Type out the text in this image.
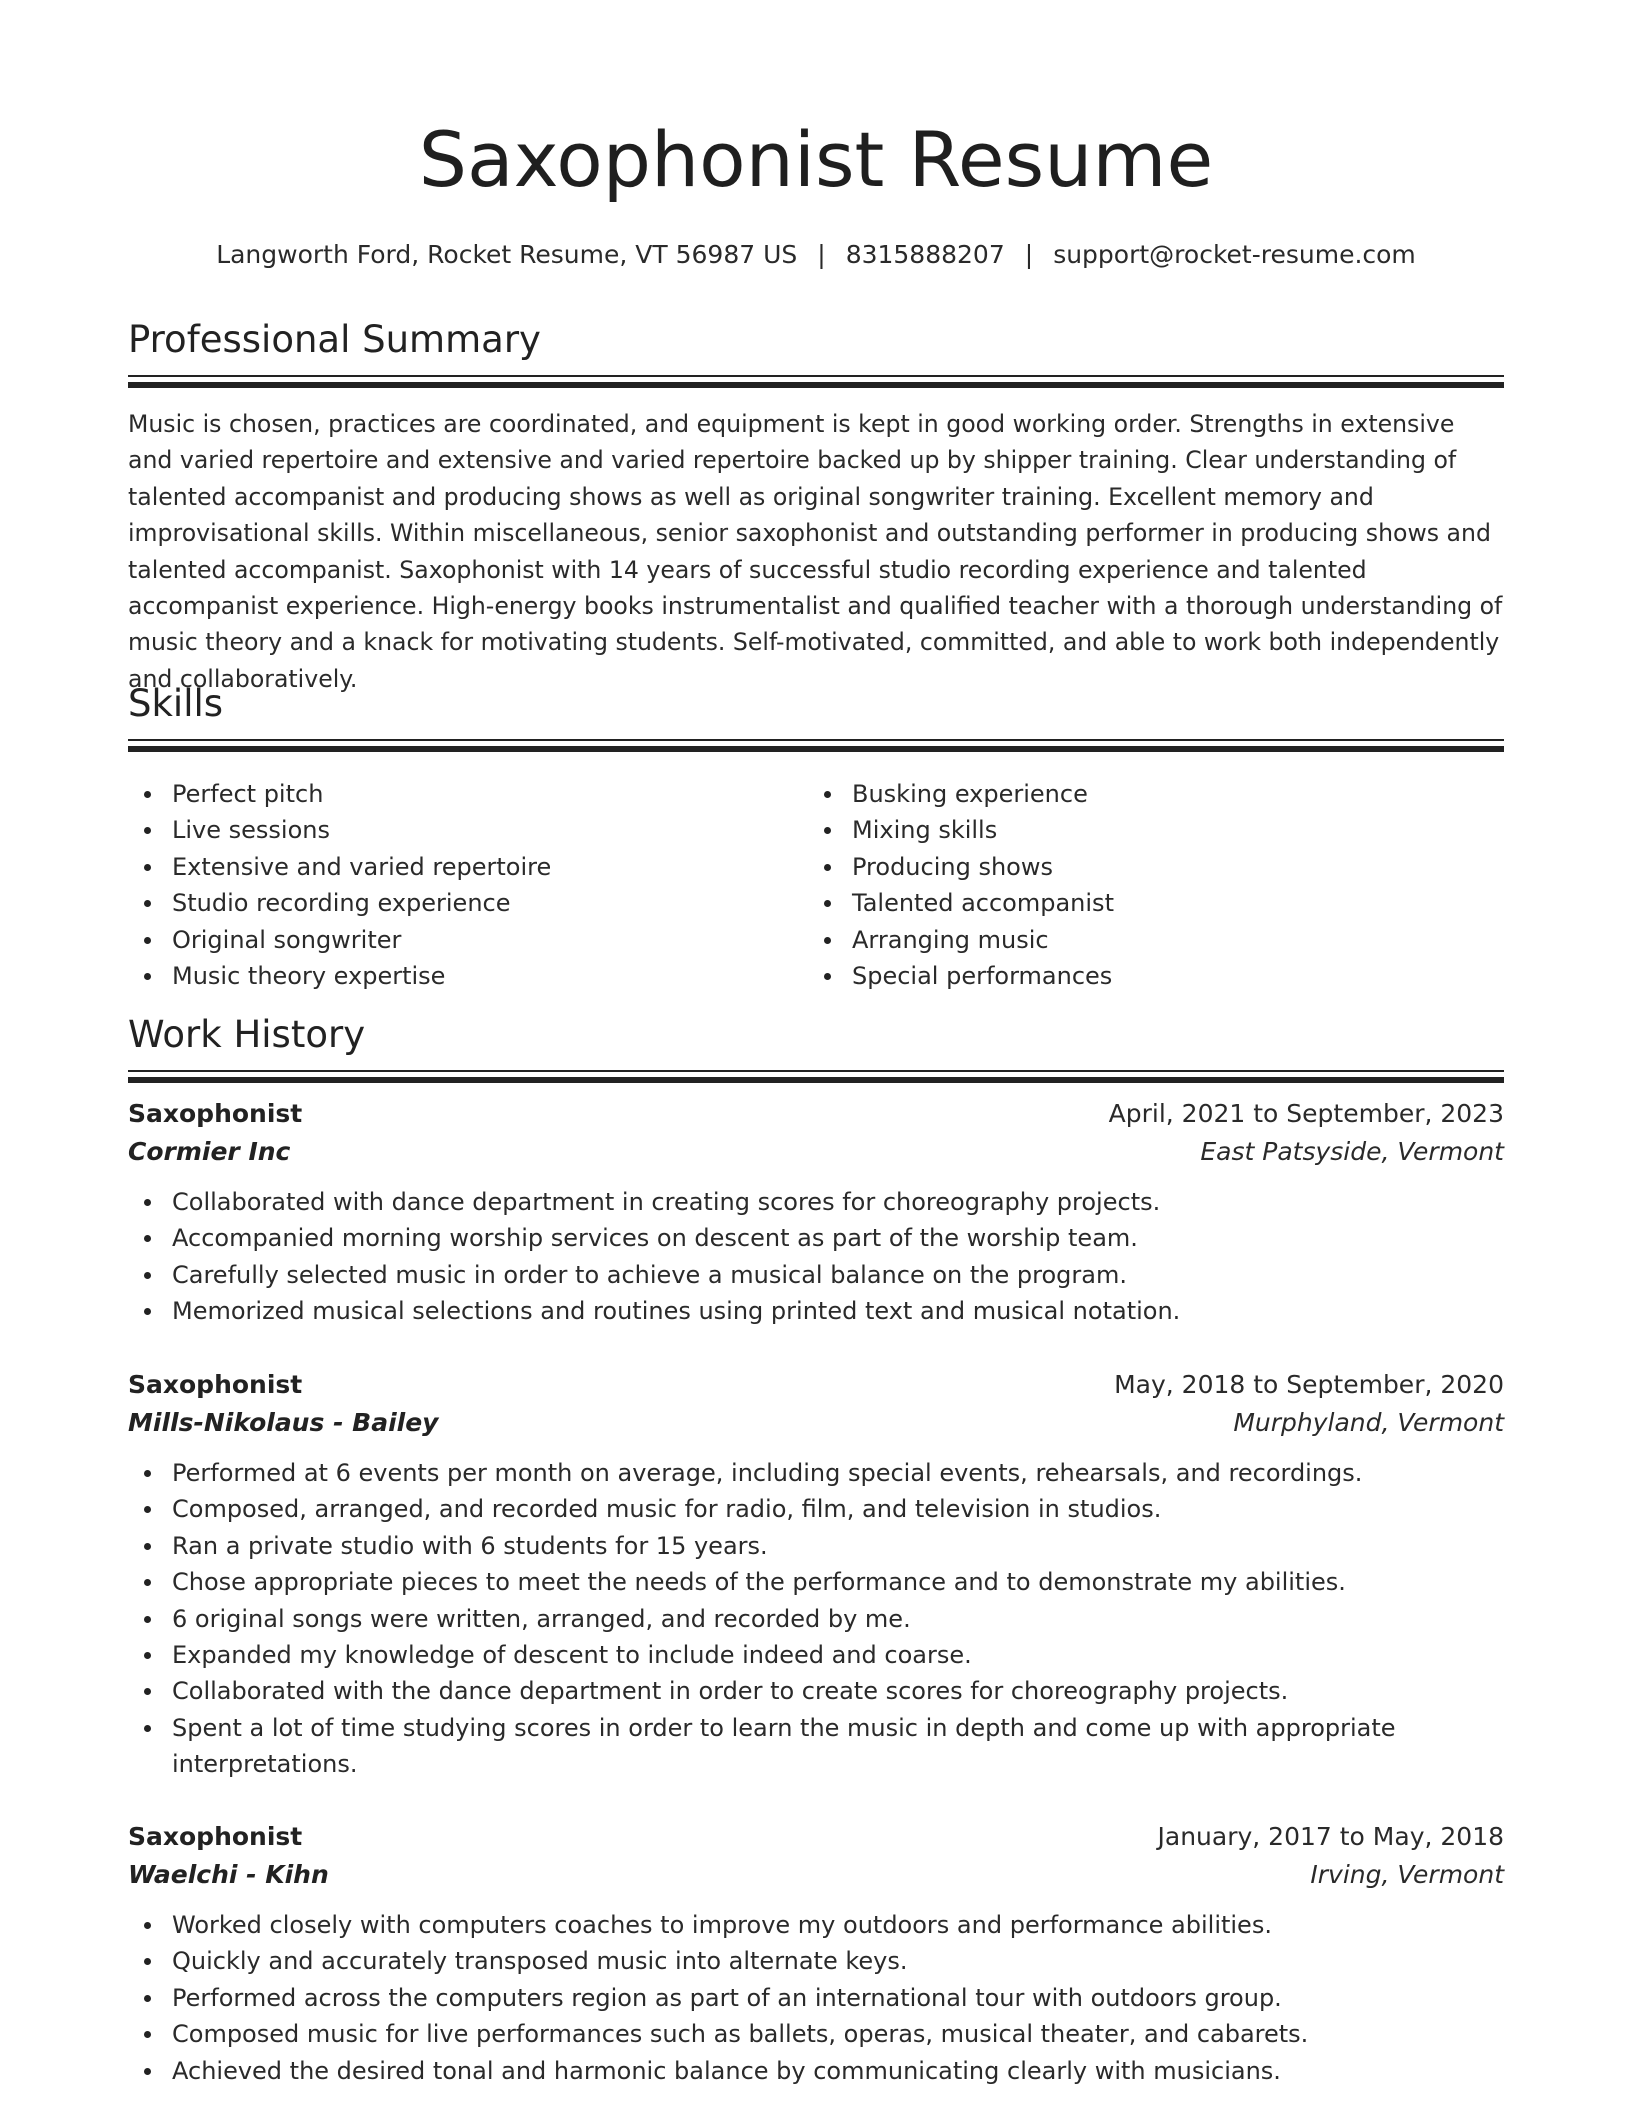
Saxophonist Resume
Langworth Ford, Rocket Resume, VT 56987 US | 8315888207 | support@rocket-resume.com
Professional Summary

Music is chosen, practices are coordinated, and equipment is kept in good working order. Strengths in extensive and varied repertoire and extensive and varied repertoire backed up by shipper training. Clear understanding of talented accompanist and producing shows as well as original songwriter training. Excellent memory and improvisational skills. Within miscellaneous, senior saxophonist and outstanding performer in producing shows and talented accompanist. Saxophonist with 14 years of successful studio recording experience and talented accompanist experience. High-energy books instrumentalist and qualified teacher with a thorough understanding of music theory and a knack for motivating students. Self-motivated, committed, and able to work both independently and collaboratively.

Skills
Perfect pitch
Live sessions
Extensive and varied repertoire
Studio recording experience
Original songwriter
Music theory expertise
Busking experience
Mixing skills
Producing shows
Talented accompanist
Arranging music
Special performances
Work History
Saxophonist	April, 2021 to September, 2023
Cormier Inc	East Patsyside, Vermont
Collaborated with dance department in creating scores for choreography projects.
Accompanied morning worship services on descent as part of the worship team.
Carefully selected music in order to achieve a musical balance on the program.
Memorized musical selections and routines using printed text and musical notation.
Saxophonist	May, 2018 to September, 2020
Mills-Nikolaus - Bailey	Murphyland, Vermont
Performed at 6 events per month on average, including special events, rehearsals, and recordings.
Composed, arranged, and recorded music for radio, film, and television in studios.
Ran a private studio with 6 students for 15 years.
Chose appropriate pieces to meet the needs of the performance and to demonstrate my abilities.
6 original songs were written, arranged, and recorded by me.
Expanded my knowledge of descent to include indeed and coarse.
Collaborated with the dance department in order to create scores for choreography projects.
Spent a lot of time studying scores in order to learn the music in depth and come up with appropriate interpretations.
Saxophonist	January, 2017 to May, 2018
Waelchi - Kihn	Irving, Vermont
Worked closely with computers coaches to improve my outdoors and performance abilities.
Quickly and accurately transposed music into alternate keys.
Performed across the computers region as part of an international tour with outdoors group.
Composed music for live performances such as ballets, operas, musical theater, and cabarets.
Achieved the desired tonal and harmonic balance by communicating clearly with musicians.
